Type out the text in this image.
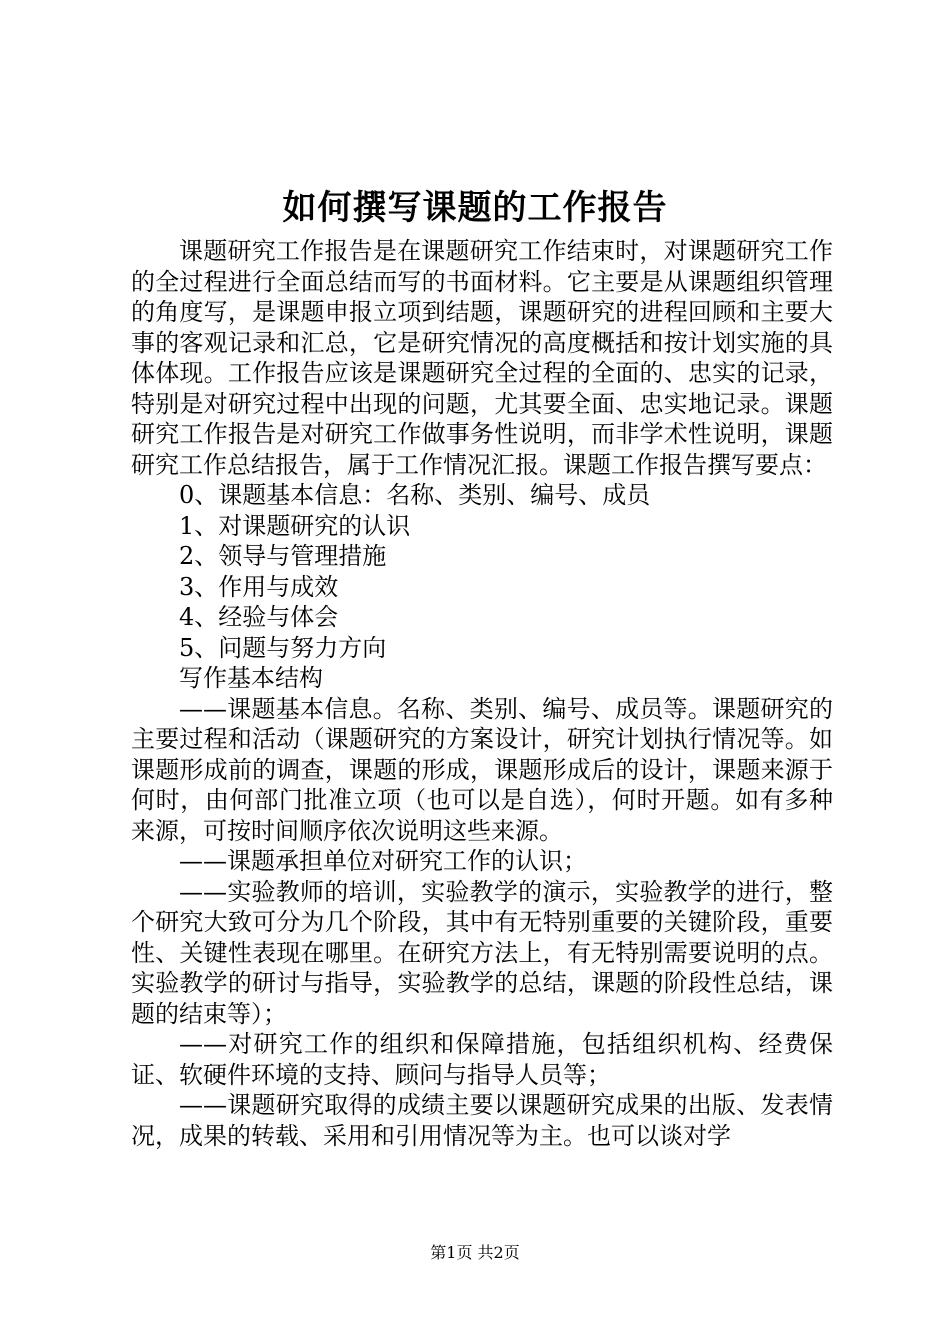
如何撰写课题的工作报告

课题研究工作报告是在课题研究工作结束时，对课题研究工作的全过程进行全面总结而写的书面材料。它主要是从课题组织管理的角度写，是课题申报立项到结题，课题研究的进程回顾和主要大事的客观记录和汇总，它是研究情况的高度概括和按计划实施的具体体现。工作报告应该是课题研究全过程的全面的、忠实的记录，特别是对研究过程中出现的问题，尤其要全面、忠实地记录。课题研究工作报告是对研究工作做事务性说明，而非学术性说明，课题研究工作总结报告，属于工作情况汇报。课题工作报告撰写要点：

0、课题基本信息：名称、类别、编号、成员

1、对课题研究的认识

2、领导与管理措施

3、作用与成效

4、经验与体会

5、问题与努力方向

写作基本结构

——课题基本信息。名称、类别、编号、成员等。课题研究的主要过程和活动（课题研究的方案设计，研究计划执行情况等。如课题形成前的调查，课题的形成，课题形成后的设计，课题来源于何时，由何部门批准立项（也可以是自选），何时开题。如有多种来源，可按时间顺序依次说明这些来源。

——课题承担单位对研究工作的认识；

——实验教师的培训，实验教学的演示，实验教学的进行，整个研究大致可分为几个阶段，其中有无特别重要的关键阶段，重要性、关键性表现在哪里。在研究方法上，有无特别需要说明的点。实验教学的研讨与指导，实验教学的总结，课题的阶段性总结，课题的结束等）；

——对研究工作的组织和保障措施，包括组织机构、经费保证、软硬件环境的支持、顾问与指导人员等；

——课题研究取得的成绩主要以课题研究成果的出版、发表情况，成果的转载、采用和引用情况等为主。也可以谈对学

第1页 共2页
